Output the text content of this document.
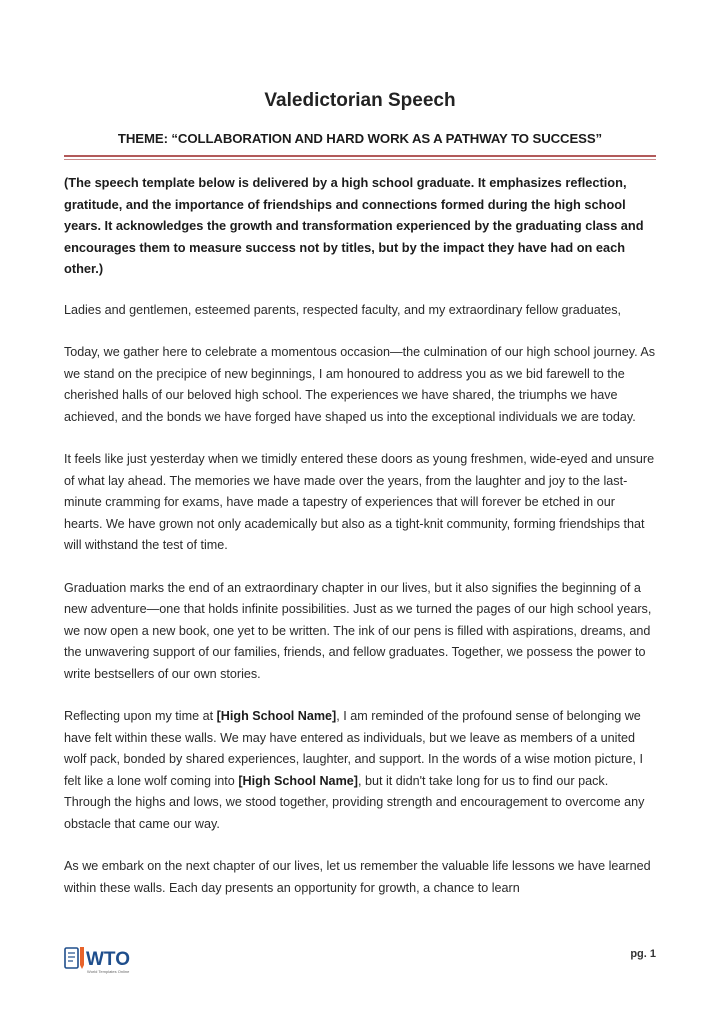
Valedictorian Speech
THEME: “COLLABORATION AND HARD WORK AS A PATHWAY TO SUCCESS”

(The speech template below is delivered by a high school graduate. It emphasizes reflection, gratitude, and the importance of friendships and connections formed during the high school years. It acknowledges the growth and transformation experienced by the graduating class and encourages them to measure success not by titles, but by the impact they have had on each other.)

Ladies and gentlemen, esteemed parents, respected faculty, and my extraordinary fellow graduates,

Today, we gather here to celebrate a momentous occasion—the culmination of our high school journey. As we stand on the precipice of new beginnings, I am honoured to address you as we bid farewell to the cherished halls of our beloved high school. The experiences we have shared, the triumphs we have achieved, and the bonds we have forged have shaped us into the exceptional individuals we are today.

It feels like just yesterday when we timidly entered these doors as young freshmen, wide-eyed and unsure of what lay ahead. The memories we have made over the years, from the laughter and joy to the last-minute cramming for exams, have made a tapestry of experiences that will forever be etched in our hearts. We have grown not only academically but also as a tight-knit community, forming friendships that will withstand the test of time.

Graduation marks the end of an extraordinary chapter in our lives, but it also signifies the beginning of a new adventure—one that holds infinite possibilities. Just as we turned the pages of our high school years, we now open a new book, one yet to be written. The ink of our pens is filled with aspirations, dreams, and the unwavering support of our families, friends, and fellow graduates. Together, we possess the power to write bestsellers of our own stories.

Reflecting upon my time at [High School Name], I am reminded of the profound sense of belonging we have felt within these walls. We may have entered as individuals, but we leave as members of a united wolf pack, bonded by shared experiences, laughter, and support. In the words of a wise motion picture, I felt like a lone wolf coming into [High School Name], but it didn't take long for us to find our pack. Through the highs and lows, we stood together, providing strength and encouragement to overcome any obstacle that came our way.

As we embark on the next chapter of our lives, let us remember the valuable life lessons we have learned within these walls. Each day presents an opportunity for growth, a chance to learn

WTO
World Templates Online
pg. 1
